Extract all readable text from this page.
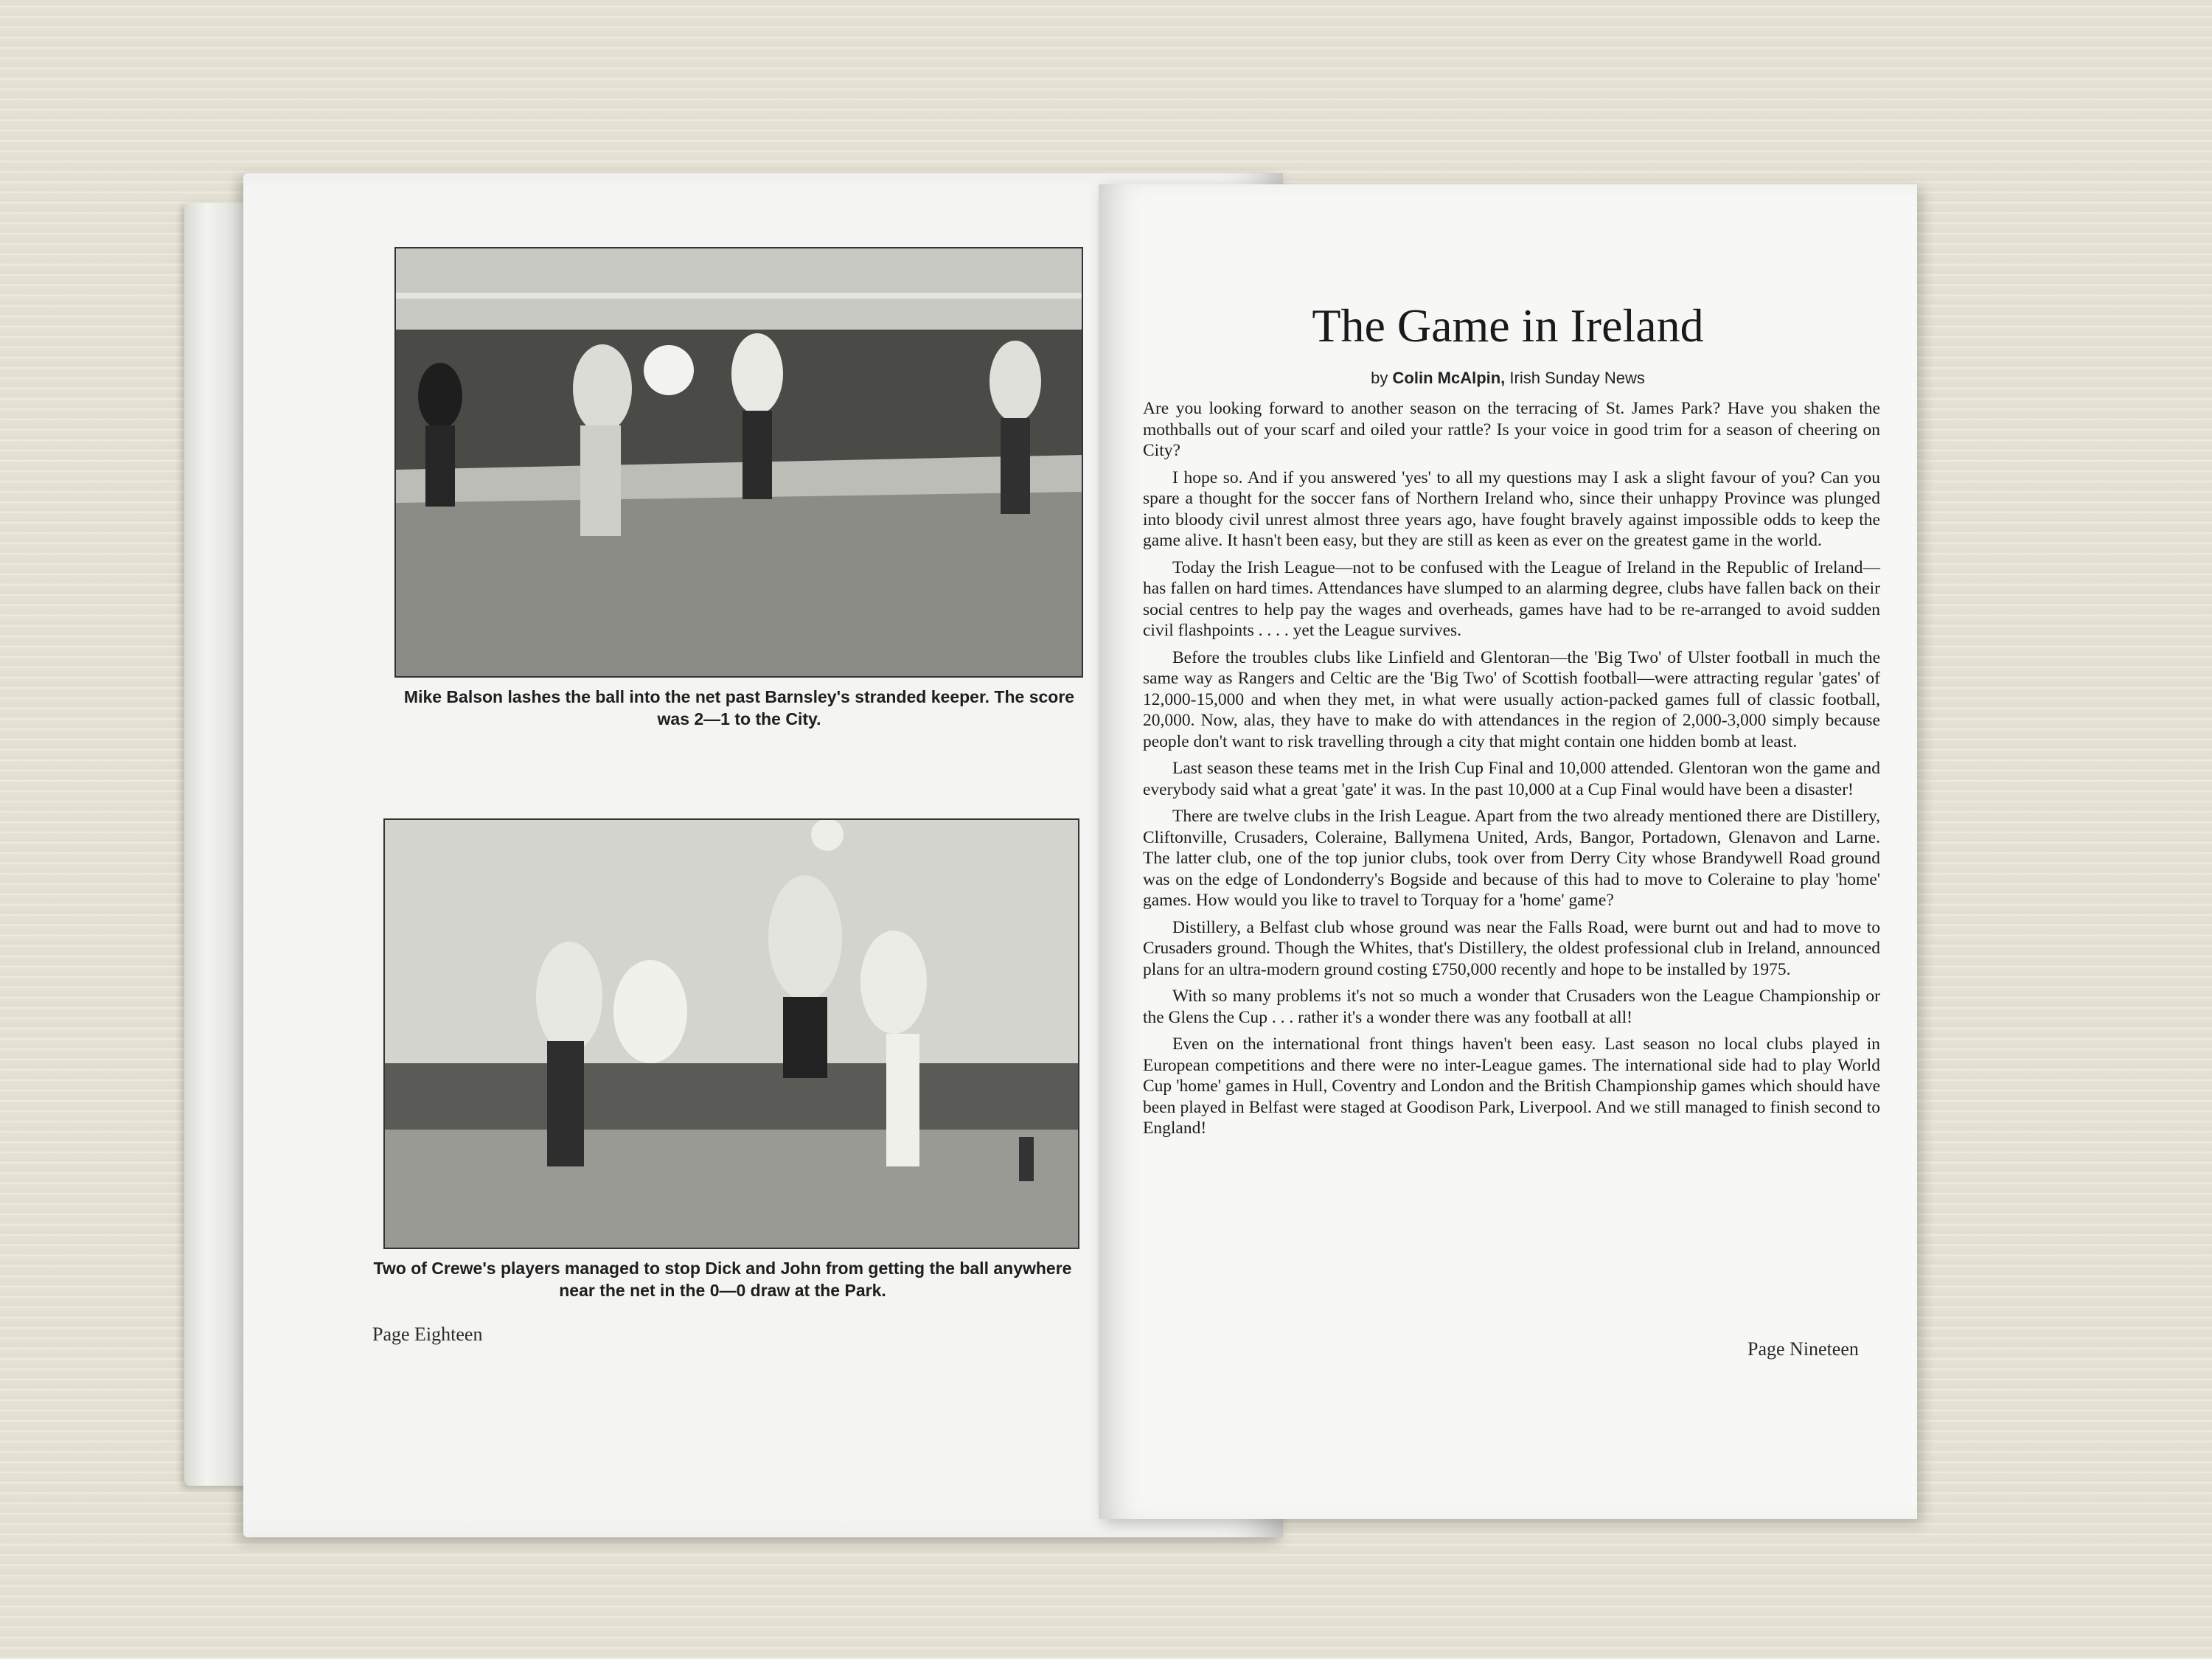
Mike Balson lashes the ball into the net past Barnsley's stranded keeper. The score was 2—1 to the City.
Two of Crewe's players managed to stop Dick and John from getting the ball anywhere near the net in the 0—0 draw at the Park.
Page Eighteen
The Game in Ireland
by Colin McAlpin, Irish Sunday News

Are you looking forward to another season on the terracing of St. James Park? Have you shaken the mothballs out of your scarf and oiled your rattle? Is your voice in good trim for a season of cheering on City?

I hope so. And if you answered 'yes' to all my questions may I ask a slight favour of you? Can you spare a thought for the soccer fans of Northern Ireland who, since their unhappy Province was plunged into bloody civil unrest almost three years ago, have fought bravely against impossible odds to keep the game alive. It hasn't been easy, but they are still as keen as ever on the greatest game in the world.

Today the Irish League—not to be confused with the League of Ireland in the Republic of Ireland—has fallen on hard times. Attendances have slumped to an alarming degree, clubs have fallen back on their social centres to help pay the wages and overheads, games have had to be re-arranged to avoid sudden civil flashpoints . . . . yet the League survives.

Before the troubles clubs like Linfield and Glentoran—the 'Big Two' of Ulster football in much the same way as Rangers and Celtic are the 'Big Two' of Scottish football—were attracting regular 'gates' of 12,000-15,000 and when they met, in what were usually action-packed games full of classic football, 20,000. Now, alas, they have to make do with attendances in the region of 2,000-3,000 simply because people don't want to risk travelling through a city that might contain one hidden bomb at least.

Last season these teams met in the Irish Cup Final and 10,000 attended. Glentoran won the game and everybody said what a great 'gate' it was. In the past 10,000 at a Cup Final would have been a disaster!

There are twelve clubs in the Irish League. Apart from the two already mentioned there are Distillery, Cliftonville, Crusaders, Coleraine, Ballymena United, Ards, Bangor, Portadown, Glenavon and Larne. The latter club, one of the top junior clubs, took over from Derry City whose Brandywell Road ground was on the edge of Londonderry's Bogside and because of this had to move to Coleraine to play 'home' games. How would you like to travel to Torquay for a 'home' game?

Distillery, a Belfast club whose ground was near the Falls Road, were burnt out and had to move to Crusaders ground. Though the Whites, that's Distillery, the oldest professional club in Ireland, announced plans for an ultra-modern ground costing £750,000 recently and hope to be installed by 1975.

With so many problems it's not so much a wonder that Crusaders won the League Championship or the Glens the Cup . . . rather it's a wonder there was any football at all!

Even on the international front things haven't been easy. Last season no local clubs played in European competitions and there were no inter-League games. The international side had to play World Cup 'home' games in Hull, Coventry and London and the British Championship games which should have been played in Belfast were staged at Goodison Park, Liverpool. And we still managed to finish second to England!

Page Nineteen
